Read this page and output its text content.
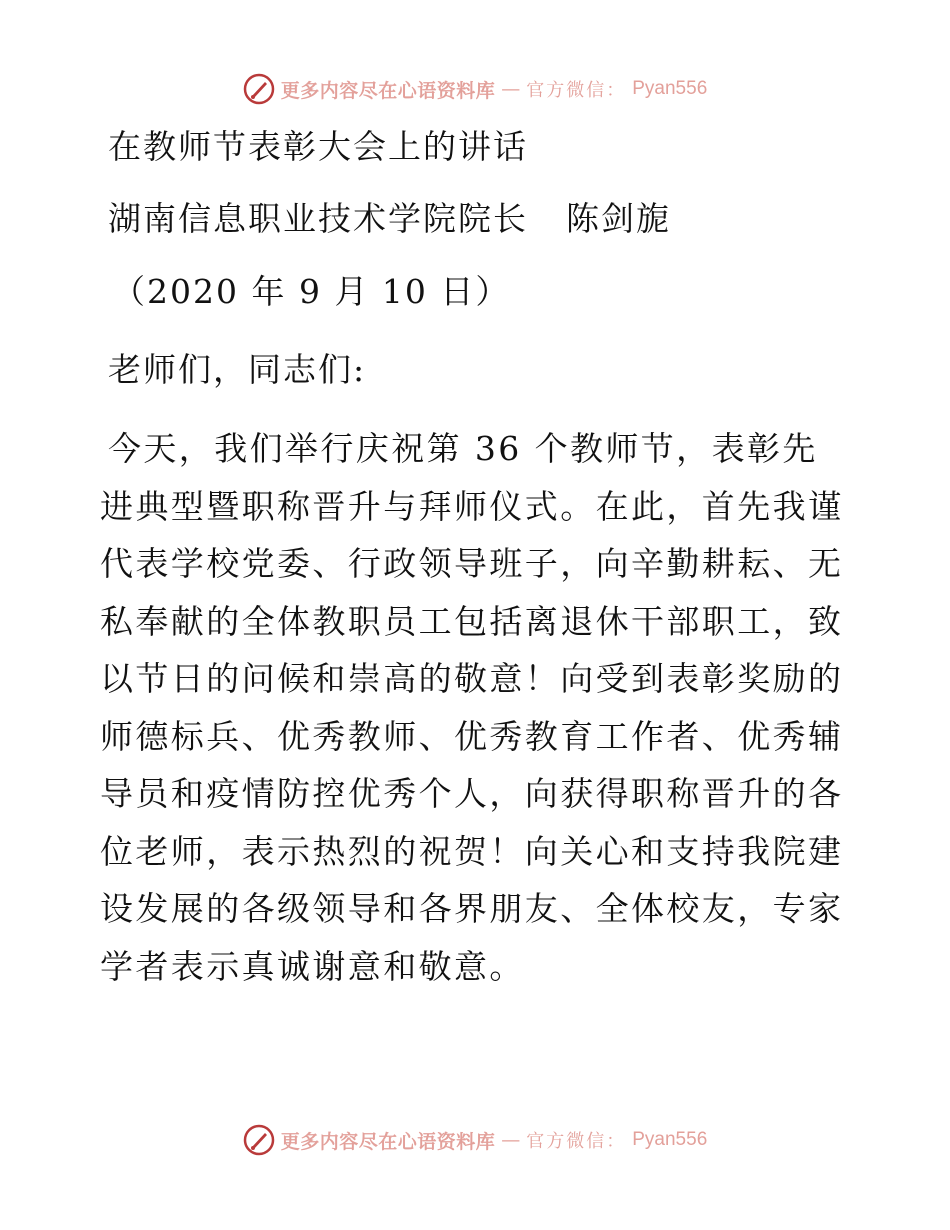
更多内容尽在心语资料库 — 官方微信： Pyan556
在教师节表彰大会上的讲话
湖南信息职业技术学院院长 陈剑旎
（2020 年 9 月 10 日）
老师们，同志们:

今天，我们举行庆祝第 36 个教师节，表彰先进典型暨职称晋升与拜师仪式。在此，首先我谨代表学校党委、行政领导班子，向辛勤耕耘、无私奉献的全体教职员工包括离退休干部职工，致以节日的问候和崇高的敬意！向受到表彰奖励的师德标兵、优秀教师、优秀教育工作者、优秀辅导员和疫情防控优秀个人，向获得职称晋升的各位老师，表示热烈的祝贺！向关心和支持我院建设发展的各级领导和各界朋友、全体校友，专家学者表示真诚谢意和敬意。

更多内容尽在心语资料库 — 官方微信： Pyan556
